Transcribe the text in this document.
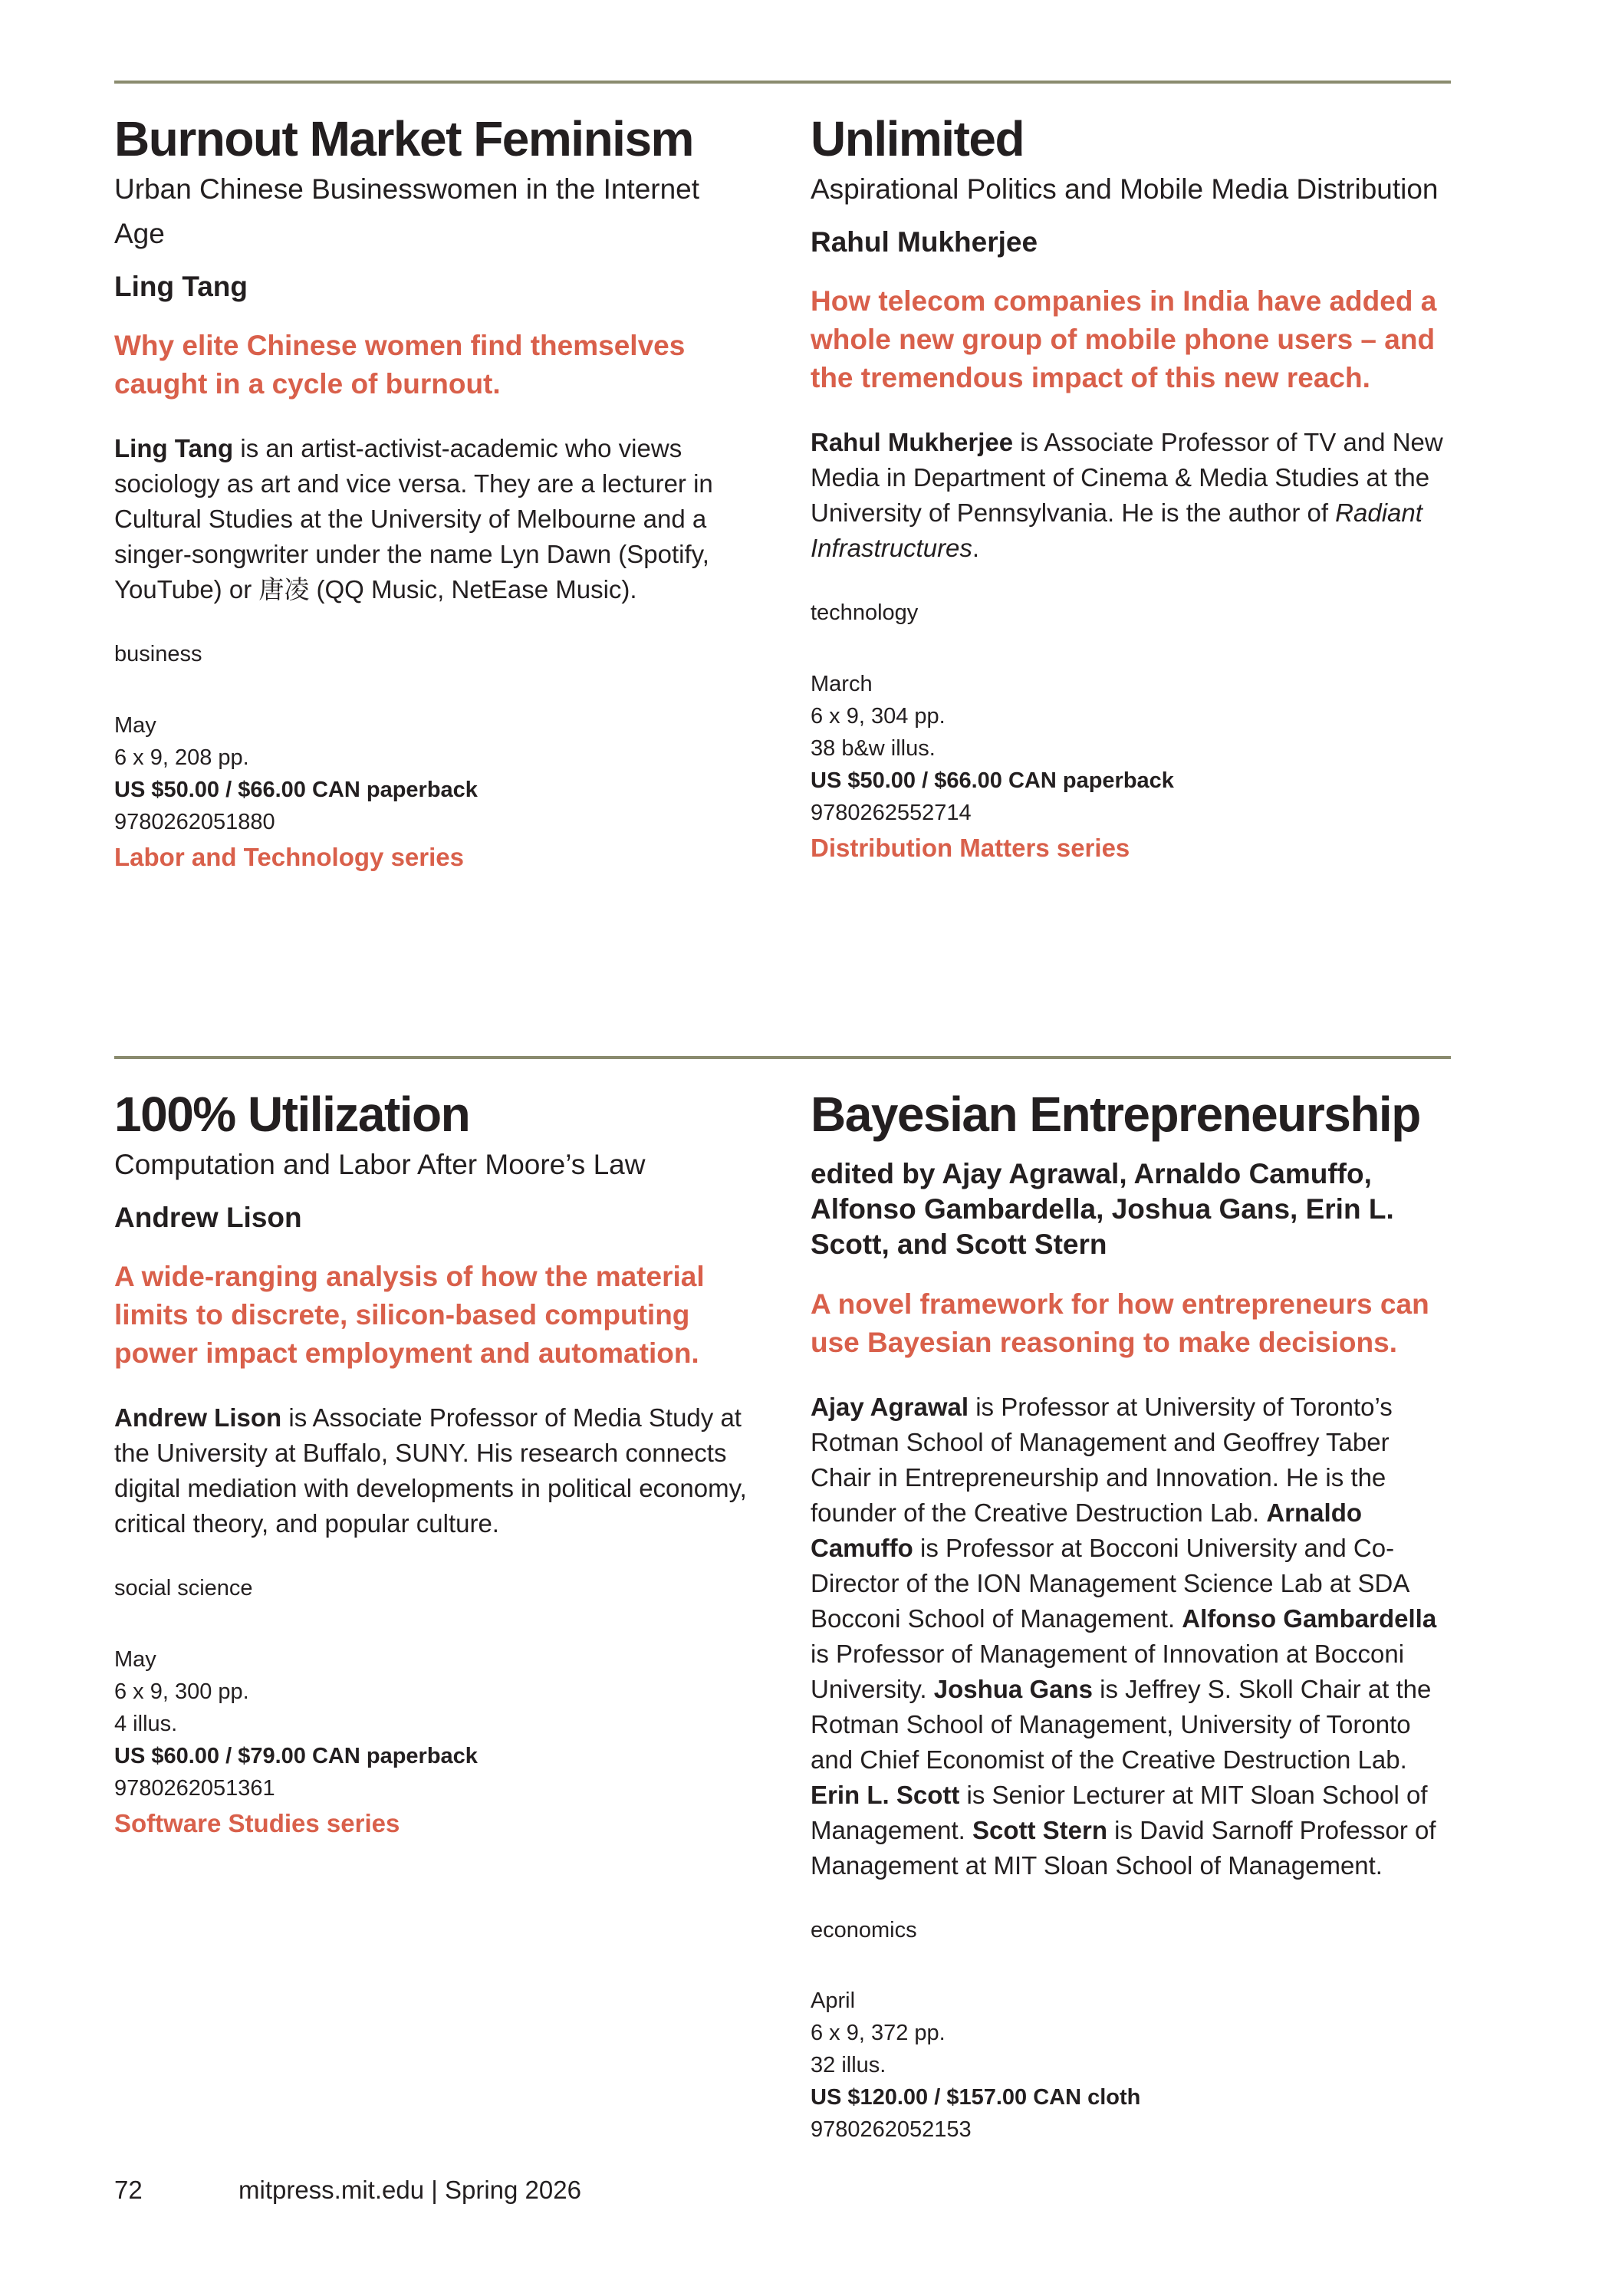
Burnout Market Feminism

Urban Chinese Businesswomen in the Internet Age

Ling Tang
Why elite Chinese women find themselves caught in a cycle of burnout.
Ling Tang is an artist-activist-academic who views sociology as art and vice versa. They are a lecturer in Cultural Studies at the University of Melbourne and a singer-songwriter under the name Lyn Dawn (Spotify, YouTube) or 唐凌 (QQ Music, NetEase Music).
business
May
6 x 9, 208 pp.
US $50.00 / $66.00 CAN paperback
9780262051880
Labor and Technology series
Unlimited

Aspirational Politics and Mobile Media Distribution

Rahul Mukherjee
How telecom companies in India have added a whole new group of mobile phone users – and the tremendous impact of this new reach.
Rahul Mukherjee is Associate Professor of TV and New Media in Department of Cinema & Media Studies at the University of Pennsylvania. He is the author of Radiant Infrastructures.
technology
March
6 x 9, 304 pp.
38 b&w illus.
US $50.00 / $66.00 CAN paperback
9780262552714
Distribution Matters series
100% Utilization

Computation and Labor After Moore’s Law

Andrew Lison
A wide-ranging analysis of how the material limits to discrete, silicon-based computing power impact employment and automation.
Andrew Lison is Associate Professor of Media Study at the University at Buffalo, SUNY. His research connects digital mediation with developments in political economy, critical theory, and popular culture.
social science
May
6 x 9, 300 pp.
4 illus.
US $60.00 / $79.00 CAN paperback
9780262051361
Software Studies series
Bayesian Entrepreneurship
edited by Ajay Agrawal, Arnaldo Camuffo, Alfonso Gambardella, Joshua Gans, Erin L. Scott, and Scott Stern
A novel framework for how entrepreneurs can use Bayesian reasoning to make decisions.
Ajay Agrawal is Professor at University of Toronto’s Rotman School of Management and Geoffrey Taber Chair in Entrepreneurship and Innovation. He is the founder of the Creative Destruction Lab. Arnaldo Camuffo is Professor at Bocconi University and Co-Director of the ION Management Science Lab at SDA Bocconi School of Management. Alfonso Gambardella is Professor of Management of Innovation at Bocconi University. Joshua Gans is Jeffrey S. Skoll Chair at the Rotman School of Management, University of Toronto and Chief Economist of the Creative Destruction Lab. Erin L. Scott is Senior Lecturer at MIT Sloan School of Management. Scott Stern is David Sarnoff Professor of Management at MIT Sloan School of Management.
economics
April
6 x 9, 372 pp.
32 illus.
US $120.00 / $157.00 CAN cloth
9780262052153
72	mitpress.mit.edu | Spring 2026
